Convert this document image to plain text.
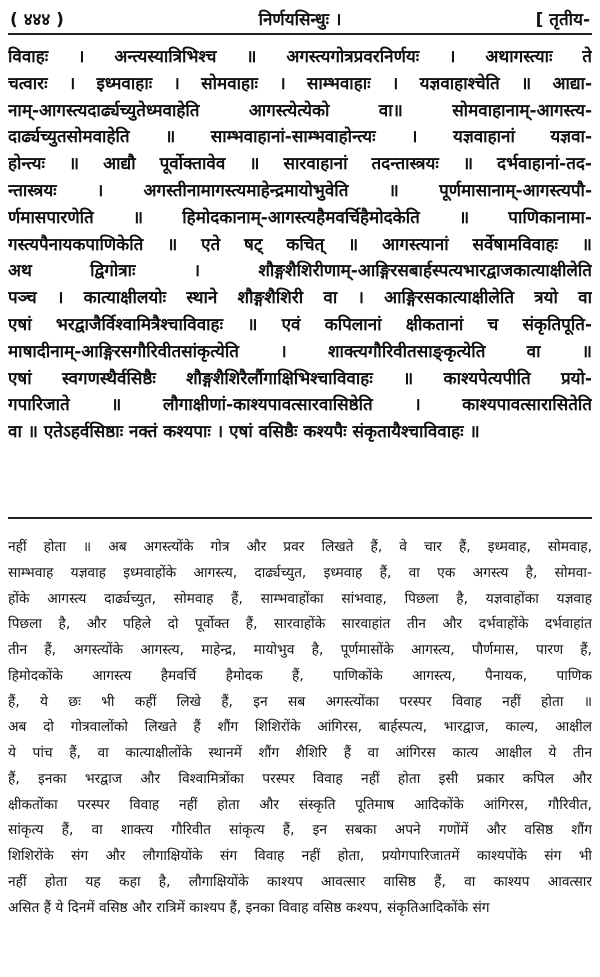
( ४४४ )	निर्णयसिन्धुः ।	[ तृतीय-
विवाहः । अन्त्यस्यात्रिभिश्च ॥ अगस्त्यगोत्रप्रवरनिर्णयः । अथागस्त्याः ते
चत्वारः । इध्मवाहाः । सोमवाहाः । साम्भवाहाः । यज्ञवाहाश्चेति ॥ आद्या-
नाम्-आगस्त्यदार्ढ्यच्युतेध्मवाहेति आगस्त्येत्येको वा॥ सोमवाहानाम्-आगस्त्य-
दार्ढ्यच्युतसोमवाहेति ॥ साम्भवाहानां-साम्भवाहोन्त्यः । यज्ञवाहानां यज्ञवा-
होन्त्यः ॥ आद्यौ पूर्वोक्तावेव ॥ सारवाहानां तदन्तास्त्रयः ॥ दर्भवाहानां-तद-
न्तास्त्रयः । अगस्तीनामागस्त्यमाहेन्द्रमायोभुवेति ॥ पूर्णमासानाम्-आगस्त्यपौ-
र्णमासपारणेति ॥ हिमोदकानाम्-आगस्त्यहैमवर्चिहैमोदकेति ॥ पाणिकानामा-
गस्त्यपैनायकपाणिकेति ॥ एते षट् कचित् ॥ आगस्त्यानां सर्वेषामविवाहः ॥
अथ द्विगोत्राः । शौङ्गशैशिरीणाम्-आङ्गिरसबार्हस्पत्यभारद्वाजकात्याक्षीलेति
पञ्च । कात्याक्षीलयोः स्थाने शौङ्गशैशिरी वा । आङ्गिरसकात्याक्षीलेति त्रयो वा
एषां भरद्वाजैर्विश्वामित्रैश्चाविवाहः ॥ एवं कपिलानां क्षीकतानां च संकृतिपूति-
माषादीनाम्-आङ्गिरसगौरिवीतसांकृत्येति । शाक्त्यगौरिवीतसाङ्कृत्येति वा ॥
एषां स्वगणस्थैर्वसिष्ठैः शौङ्गशैशिरैर्लौगाक्षिभिश्चाविवाहः ॥ काश्यपेत्यपीति प्रयो-
गपारिजाते ॥ लौगाक्षीणां-काश्यपावत्सारवासिष्ठेति । काश्यपावत्सारासितेति
वा ॥ एतेऽहर्वसिष्ठाः नक्तं कश्यपाः । एषां वसिष्ठैः कश्यपैः संकृतायैश्चाविवाहः ॥
नहीं होता ॥ अब अगस्त्योंके गोत्र और प्रवर लिखते हैं, वे चार हैं, इध्मवाह, सोमवाह,
साम्भवाह यज्ञवाह इध्मवाहोंके आगस्त्य, दार्ढ्यच्युत, इध्मवाह हैं, वा एक अगस्त्य है, सोमवा-
होंके आगस्त्य दार्ढ्यच्युत, सोमवाह हैं, साम्भवाहोंका सांभवाह, पिछला है, यज्ञवाहोंका यज्ञवाह
पिछला है, और पहिले दो पूर्वोक्त हैं, सारवाहोंके सारवाहांत तीन और दर्भवाहोंके दर्भवाहांत
तीन हैं, अगस्त्योंके आगस्त्य, माहेन्द्र, मायोभुव है, पूर्णमासोंके आगस्त्य, पौर्णमास, पारण हैं,
हिमोदकोंके आगस्त्य हैमवर्चि हैमोदक हैं, पाणिकोंके आगस्त्य, पैनायक, पाणिक
हैं, ये छः भी कहीं लिखे हैं, इन सब अगस्त्योंका परस्पर विवाह नहीं होता ॥
अब दो गोत्रवालोंको लिखते हैं शौंग शिशिरोंके आंगिरस, बार्हस्पत्य, भारद्वाज, काल्य, आक्षील
ये पांच हैं, वा कात्याक्षीलोंके स्थानमें शौंग शैशिरि हैं वा आंगिरस कात्य आक्षील ये तीन
हैं, इनका भरद्वाज और विश्वामित्रोंका परस्पर विवाह नहीं होता इसी प्रकार कपिल और
क्षीकतोंका परस्पर विवाह नहीं होता और संस्कृति पूतिमाष आदिकोंके आंगिरस, गौरिवीत,
सांकृत्य हैं, वा शाक्त्य गौरिवीत सांकृत्य हैं, इन सबका अपने गणोंमें और वसिष्ठ शौंग
शिशिरोंके संग और लौगाक्षियोंके संग विवाह नहीं होता, प्रयोगपारिजातमें काश्यपोंके संग भी
नहीं होता यह कहा है, लौगाक्षियोंके काश्यप आवत्सार वासिष्ठ हैं, वा काश्यप आवत्सार
असित हैं ये दिनमें वसिष्ठ और रात्रिमें काश्यप हैं, इनका विवाह वसिष्ठ कश्यप, संकृतिआदिकोंके संग
